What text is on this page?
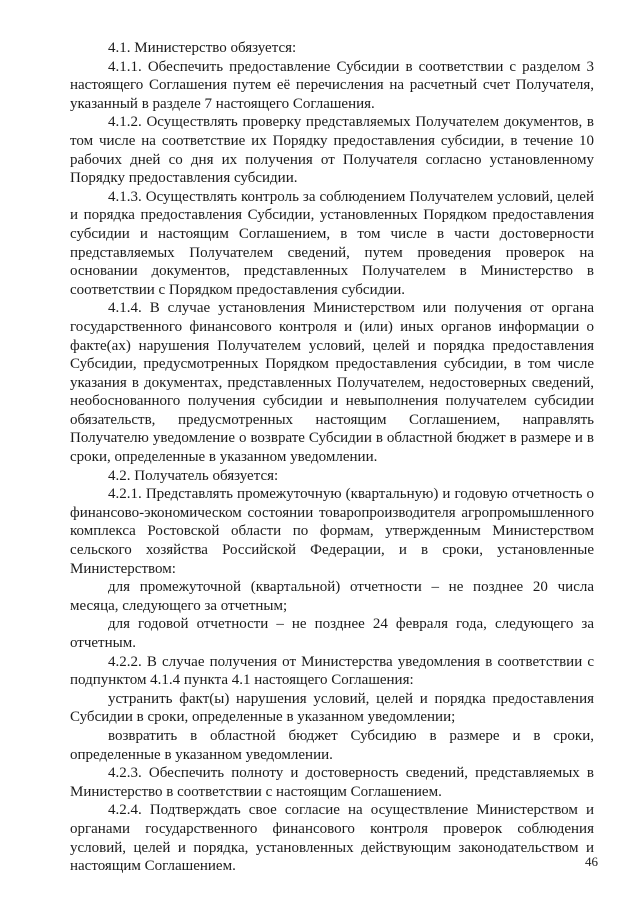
4.1. Министерство обязуется:

4.1.1. Обеспечить предоставление Субсидии в соответствии с разделом 3 настоящего Соглашения путем её перечисления на расчетный счет Получателя, указанный в разделе 7 настоящего Соглашения.

4.1.2. Осуществлять проверку представляемых Получателем документов, в том числе на соответствие их Порядку предоставления субсидии, в течение 10 рабочих дней со дня их получения от Получателя согласно установленному Порядку предоставления субсидии.

4.1.3. Осуществлять контроль за соблюдением Получателем условий, целей и порядка предоставления Субсидии, установленных Порядком предоставления субсидии и настоящим Соглашением, в том числе в части достоверности представляемых Получателем сведений, путем проведения проверок на основании документов, представленных Получателем в Министерство в соответствии с Порядком предоставления субсидии.

4.1.4. В случае установления Министерством или получения от органа государственного финансового контроля и (или) иных органов информации о факте(ах) нарушения Получателем условий, целей и порядка предоставления Субсидии, предусмотренных Порядком предоставления субсидии, в том числе указания в документах, представленных Получателем, недостоверных сведений, необоснованного получения субсидии и невыполнения получателем субсидии обязательств, предусмотренных настоящим Соглашением, направлять Получателю уведомление о возврате Субсидии в областной бюджет в размере и в сроки, определенные в указанном уведомлении.

4.2. Получатель обязуется:

4.2.1. Представлять промежуточную (квартальную) и годовую отчетность о финансово-экономическом состоянии товаропроизводителя агропромышленного комплекса Ростовской области по формам, утвержденным Министерством сельского хозяйства Российской Федерации, и в сроки, установленные Министерством:

для промежуточной (квартальной) отчетности – не позднее 20 числа месяца, следующего за отчетным;

для годовой отчетности – не позднее 24 февраля года, следующего за отчетным.

4.2.2. В случае получения от Министерства уведомления в соответствии с подпунктом 4.1.4 пункта 4.1 настоящего Соглашения:

устранить факт(ы) нарушения условий, целей и порядка предоставления Субсидии в сроки, определенные в указанном уведомлении;

возвратить в областной бюджет Субсидию в размере и в сроки, определенные в указанном уведомлении.

4.2.3. Обеспечить полноту и достоверность сведений, представляемых в Министерство в соответствии с настоящим Соглашением.

4.2.4. Подтверждать свое согласие на осуществление Министерством и органами государственного финансового контроля проверок соблюдения условий, целей и порядка, установленных действующим законодательством и настоящим Соглашением.	46
